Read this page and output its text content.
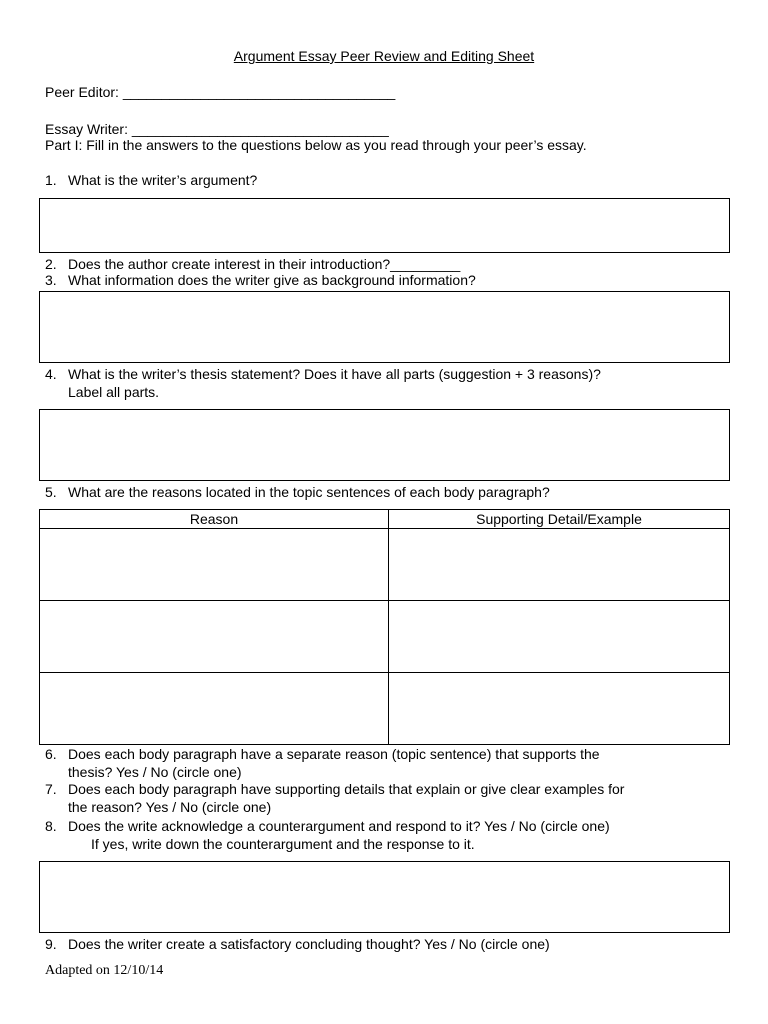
Argument Essay Peer Review and Editing Sheet
Peer Editor: ___________________________________
Essay Writer: _________________________________
Part I: Fill in the answers to the questions below as you read through your peer’s essay.
1. What is the writer’s argument?
2. Does the author create interest in their introduction?_________
3. What information does the writer give as background information?
4. What is the writer’s thesis statement? Does it have all parts (suggestion + 3 reasons)?
Label all parts.
5. What are the reasons located in the topic sentences of each body paragraph?
Reason	Supporting Detail/Example

6. Does each body paragraph have a separate reason (topic sentence) that supports the
thesis? Yes / No (circle one)
7. Does each body paragraph have supporting details that explain or give clear examples for
the reason? Yes / No (circle one)
8. Does the write acknowledge a counterargument and respond to it? Yes / No (circle one)
If yes, write down the counterargument and the response to it.
9. Does the writer create a satisfactory concluding thought? Yes / No (circle one)
Adapted on 12/10/14
